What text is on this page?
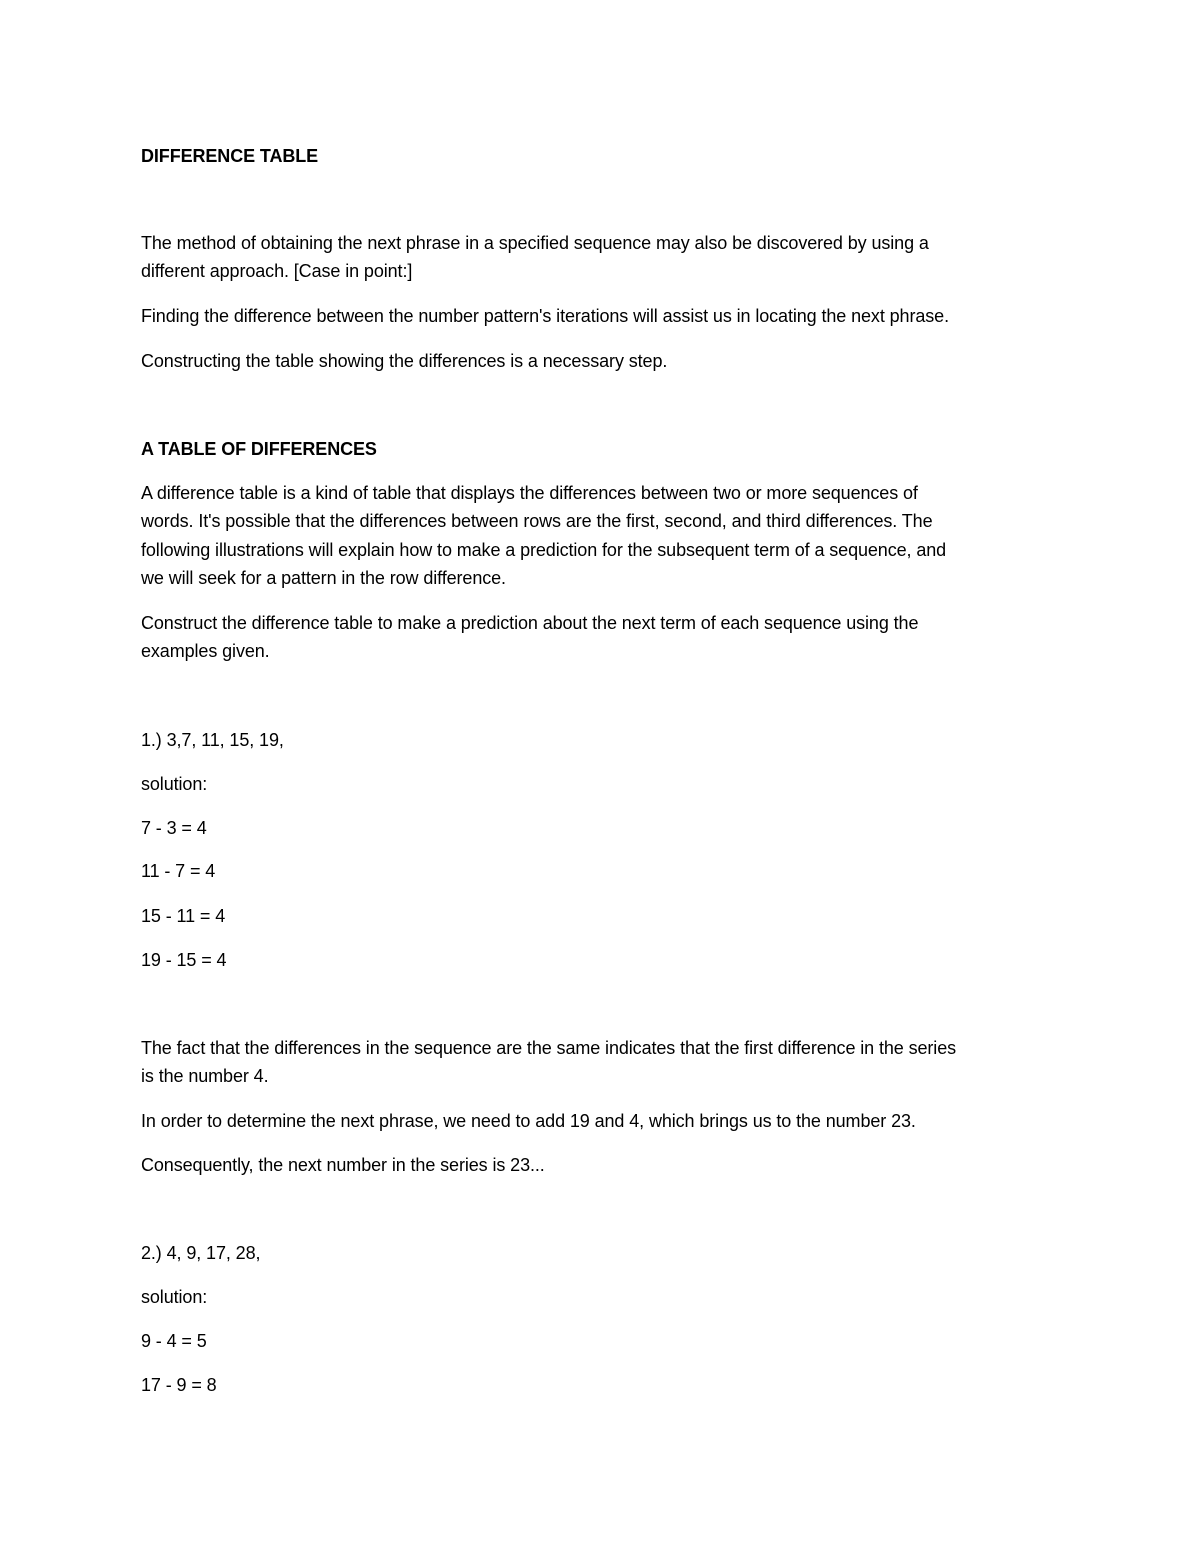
DIFFERENCE TABLE
The method of obtaining the next phrase in a specified sequence may also be discovered by using a
different approach. [Case in point:]
Finding the difference between the number pattern's iterations will assist us in locating the next phrase.
Constructing the table showing the differences is a necessary step.
A TABLE OF DIFFERENCES
A difference table is a kind of table that displays the differences between two or more sequences of
words. It's possible that the differences between rows are the first, second, and third differences. The
following illustrations will explain how to make a prediction for the subsequent term of a sequence, and
we will seek for a pattern in the row difference.
Construct the difference table to make a prediction about the next term of each sequence using the
examples given.
1.) 3,7, 11, 15, 19,
solution:
7 - 3 = 4
11 - 7 = 4
15 - 11 = 4
19 - 15 = 4
The fact that the differences in the sequence are the same indicates that the first difference in the series
is the number 4.
In order to determine the next phrase, we need to add 19 and 4, which brings us to the number 23.
Consequently, the next number in the series is 23...
2.) 4, 9, 17, 28,
solution:
9 - 4 = 5
17 - 9 = 8
